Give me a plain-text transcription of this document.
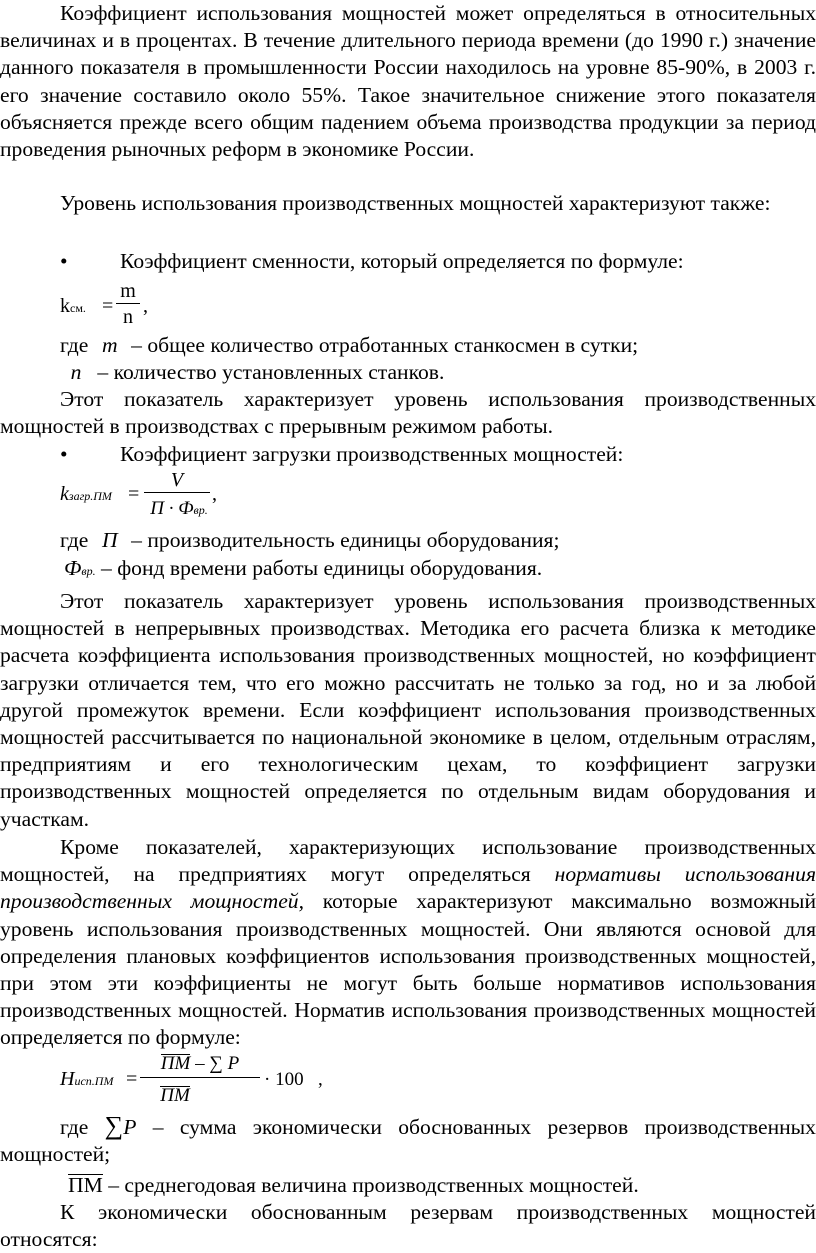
Коэффициент использования мощностей может определяться в относительных величинах и в процентах. В течение длительного периода времени (до 1990 г.) значение данного показателя в промышленности России находилось на уровне 85-90%, в 2003 г. его значение составило около 55%. Такое значительное снижение этого показателя объясняется прежде всего общим падением объема производства продукции за период проведения рыночных реформ в экономике России.

Уровень использования производственных мощностей характеризуют также:

• Коэффициент сменности, который определяется по формуле:
kсм. =
m
n ,
где m – общее количество отработанных станкосмен в сутки;
n – количество установленных станков.

Этот показатель характеризует уровень использования производственных мощностей в производствах с прерывным режимом работы.

• Коэффициент загрузки производственных мощностей:
kзагр.ПМ =
V
П · Фвр.
,
где П – производительность единицы оборудования;
Фвр. – фонд времени работы единицы оборудования.

Этот показатель характеризует уровень использования производственных мощностей в непрерывных производствах. Методика его расчета близка к методике расчета коэффициента использования производственных мощностей, но коэффициент загрузки отличается тем, что его можно рассчитать не только за год, но и за любой другой промежуток времени. Если коэффициент использования производственных мощностей рассчитывается по национальной экономике в целом, отдельным отраслям, предприятиям и его технологическим цехам, то коэффициент загрузки производственных мощностей определяется по отдельным видам оборудования и участкам.

Кроме показателей, характеризующих использование производственных мощностей, на предприятиях могут определяться нормативы использования производственных мощностей, которые характеризуют максимально возможный уровень использования производственных мощностей. Они являются основой для определения плановых коэффициентов использования производственных мощностей, при этом эти коэффициенты не могут быть больше нормативов использования производственных мощностей. Норматив использования производственных мощностей определяется по формуле:

Нисп.ПМ =
ПМ – ∑ P
ПМ
· 100 ,

где ∑P – сумма экономически обоснованных резервов производственных мощностей;

ПМ – среднегодовая величина производственных мощностей.

К экономически обоснованным резервам производственных мощностей относятся:
